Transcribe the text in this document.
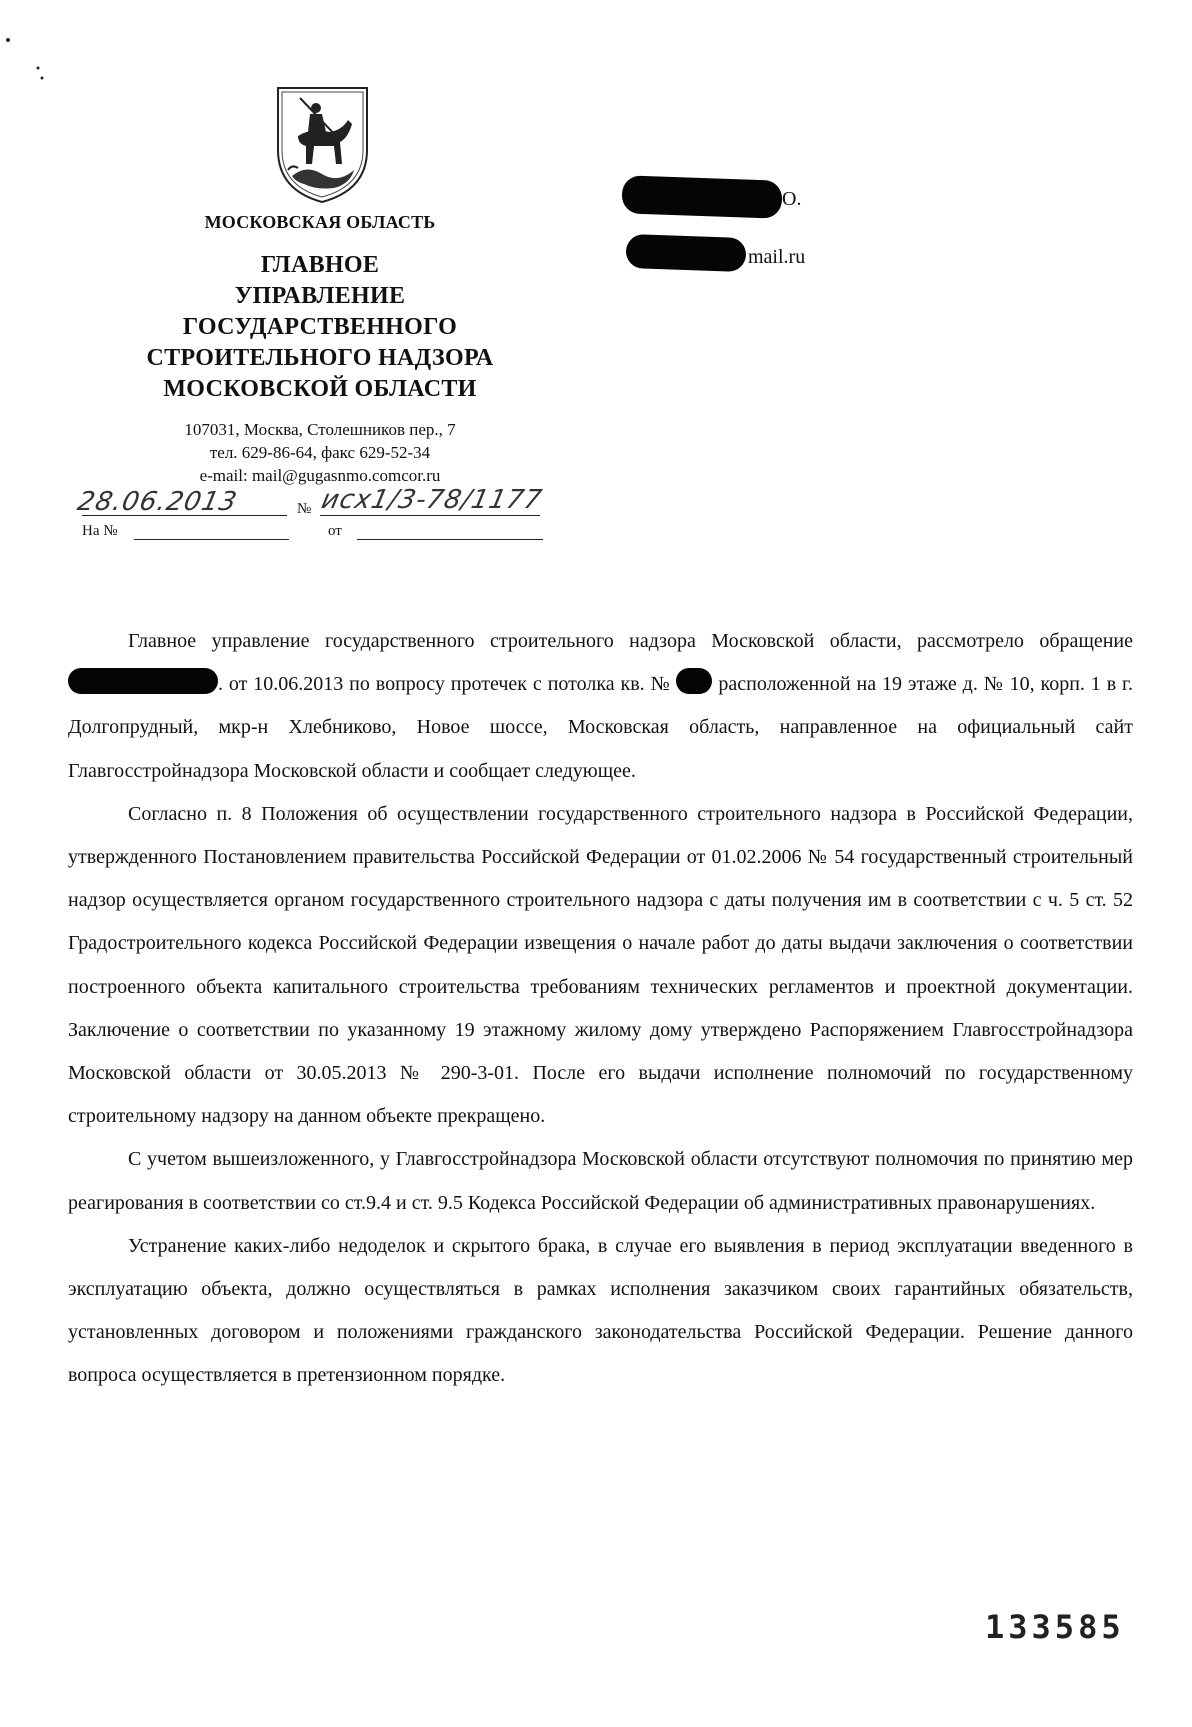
МОСКОВСКАЯ ОБЛАСТЬ
ГЛАВНОЕ
УПРАВЛЕНИЕ
ГОСУДАРСТВЕННОГО
СТРОИТЕЛЬНОГО НАДЗОРА
МОСКОВСКОЙ ОБЛАСТИ
107031, Москва, Столешников пер., 7
тел. 629-86-64, факс 629-52-34
e-mail: mail@gugasnmo.comcor.ru
28.06.2013	№ исх1/3-78/1177
На №	от
О.
mail.ru

Главное управление государственного строительного надзора Московской области, рассмотрело обращение . от 10.06.2013 по вопросу протечек с потолка кв. № расположенной на 19 этаже д. № 10, корп. 1 в г. Долгопрудный, мкр-н Хлебниково, Новое шоссе, Московская область, направленное на официальный сайт Главгосстройнадзора Московской области и сообщает следующее.

Согласно п. 8 Положения об осуществлении государственного строительного надзора в Российской Федерации, утвержденного Постановлением правительства Российской Федерации от 01.02.2006 № 54 государственный строительный надзор осуществляется органом государственного строительного надзора с даты получения им в соответствии с ч. 5 ст. 52 Градостроительного кодекса Российской Федерации извещения о начале работ до даты выдачи заключения о соответствии построенного объекта капитального строительства требованиям технических регламентов и проектной документации. Заключение о соответствии по указанному 19 этажному жилому дому утверждено Распоряжением Главгосстройнадзора Московской области от 30.05.2013 № 290-3-01. После его выдачи исполнение полномочий по государственному строительному надзору на данном объекте прекращено.

С учетом вышеизложенного, у Главгосстройнадзора Московской области отсутствуют полномочия по принятию мер реагирования в соответствии со ст.9.4 и ст. 9.5 Кодекса Российской Федерации об административных правонарушениях.

Устранение каких-либо недоделок и скрытого брака, в случае его выявления в период эксплуатации введенного в эксплуатацию объекта, должно осуществляться в рамках исполнения заказчиком своих гарантийных обязательств, установленных договором и положениями гражданского законодательства Российской Федерации. Решение данного вопроса осуществляется в претензионном порядке.

133585
